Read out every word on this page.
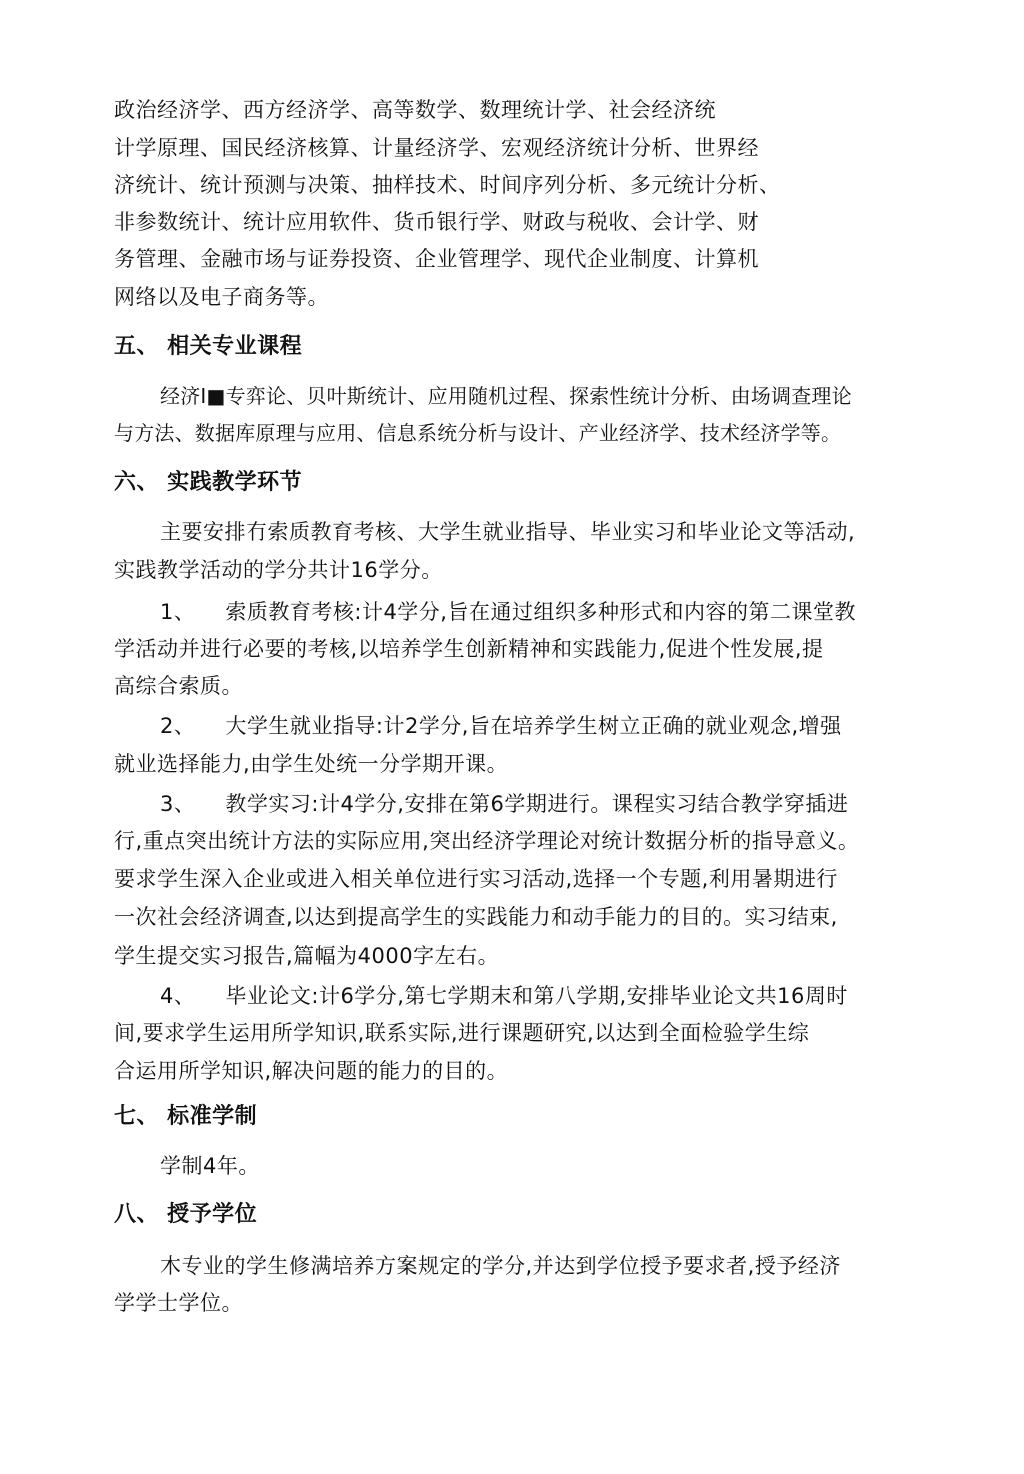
政治经济学、西方经济学、高等数学、数理统计学、社会经济统
计学原理、国民经济核算、计量经济学、宏观经济统计分析、世界经
济统计、统计预测与决策、抽样技术、时间序列分析、多元统计分析、
非参数统计、统计应用软件、货币银行学、财政与税收、会计学、财
务管理、金融市场与证券投资、企业管理学、现代企业制度、计算机
网络以及电子商务等。
五、 相关专业课程
经济I■专弈论、贝叶斯统计、应用随机过程、探索性统计分析、由场调查理论
与方法、数据库原理与应用、信息系统分析与设计、产业经济学、技术经济学等。
六、 实践教学环节
主要安排冇索质教育考核、大学生就业指导、毕业实习和毕业论文等活动,
实践教学活动的学分共计16学分。
1、 索质教育考核:计4学分,旨在通过组织多种形式和内容的第二课堂教
学活动并进行必要的考核,以培养学生创新精神和实践能力,促进个性发展,提
高综合索质。
2、 大学生就业指导:计2学分,旨在培养学生树立正确的就业观念,增强
就业选择能力,由学生处统一分学期开课。
3、 教学实习:计4学分,安排在第6学期进行。课程实习结合教学穿插进
行,重点突出统计方法的实际应用,突出经济学理论对统计数据分析的指导意义。
要求学生深入企业或进入相关单位进行实习活动,选择一个专题,利用暑期进行
一次社会经济调查,以达到提高学生的实践能力和动手能力的目的。实习结束,
学生提交实习报告,篇幅为4000字左右。
4、 毕业论文:计6学分,第七学期末和第八学期,安排毕业论文共16周时
间,要求学生运用所学知识,联系实际,进行课题研究,以达到全面检验学生综
合运用所学知识,解决问题的能力的目的。
七、 标准学制
学制4年。
八、 授予学位
木专业的学生修满培养方案规定的学分,并达到学位授予要求者,授予经济
学学士学位。
